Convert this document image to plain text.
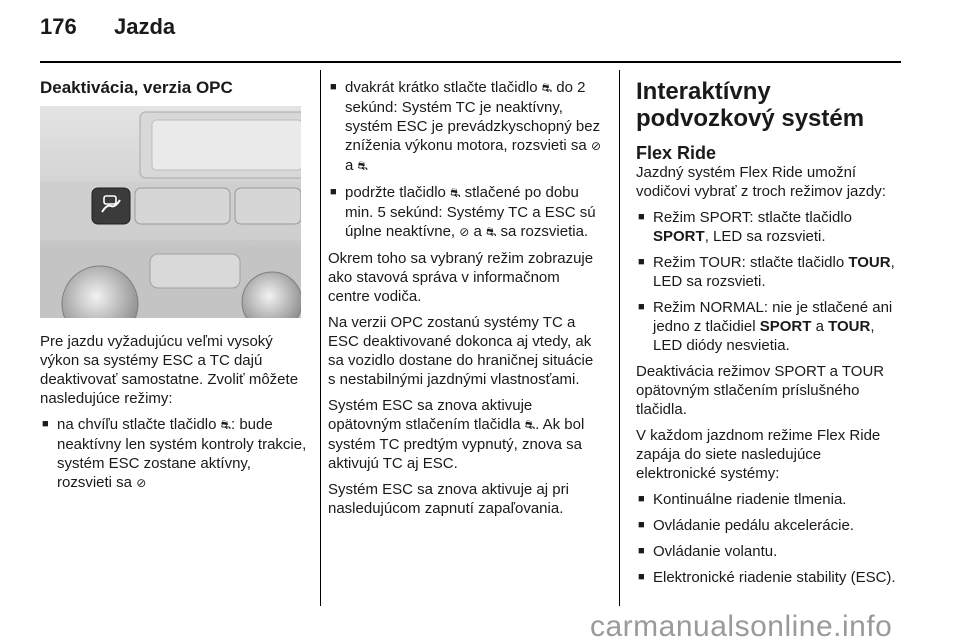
176 Jazda
Deaktivácia, verzia OPC

Pre jazdu vyžadujúcu veľmi vysoký výkon sa systémy ESC a TC dajú deaktivovať samostatne. Zvoliť môžete nasledujúce režimy:

■ na chvíľu stlačte tlačidlo ⛐: bude neaktívny len systém kontroly trakcie, systém ESC zostane aktívny, rozsvieti sa ⊘
■ dvakrát krátko stlačte tlačidlo ⛐ do 2 sekúnd: Systém TC je neaktívny, systém ESC je prevádzkyschopný bez zníženia výkonu motora, rozsvieti sa ⊘ a ⛐
■ podržte tlačidlo ⛐ stlačené po dobu min. 5 sekúnd: Systémy TC a ESC sú úplne neaktívne, ⊘ a ⛐ sa rozsvietia.

Okrem toho sa vybraný režim zobrazuje ako stavová správa v informačnom centre vodiča.

Na verzii OPC zostanú systémy TC a ESC deaktivované dokonca aj vtedy, ak sa vozidlo dostane do hraničnej situácie s nestabilnými jazdnými vlastnosťami.

Systém ESC sa znova aktivuje opätovným stlačením tlačidla ⛐. Ak bol systém TC predtým vypnutý, znova sa aktivujú TC aj ESC.

Systém ESC sa znova aktivuje aj pri nasledujúcom zapnutí zapaľovania.

Interaktívny podvozkový systém
Flex Ride

Jazdný systém Flex Ride umožní vodičovi vybrať z troch režimov jazdy:

■ Režim SPORT: stlačte tlačidlo SPORT, LED sa rozsvieti.
■ Režim TOUR: stlačte tlačidlo TOUR, LED sa rozsvieti.
■ Režim NORMAL: nie je stlačené ani jedno z tlačidiel SPORT a TOUR, LED diódy nesvietia.

Deaktivácia režimov SPORT a TOUR opätovným stlačením príslušného tlačidla.

V každom jazdnom režime Flex Ride zapája do siete nasledujúce elektronické systémy:

■ Kontinuálne riadenie tlmenia.
■ Ovládanie pedálu akcelerácie.
■ Ovládanie volantu.
■ Elektronické riadenie stability (ESC).
carmanualsonline.info
